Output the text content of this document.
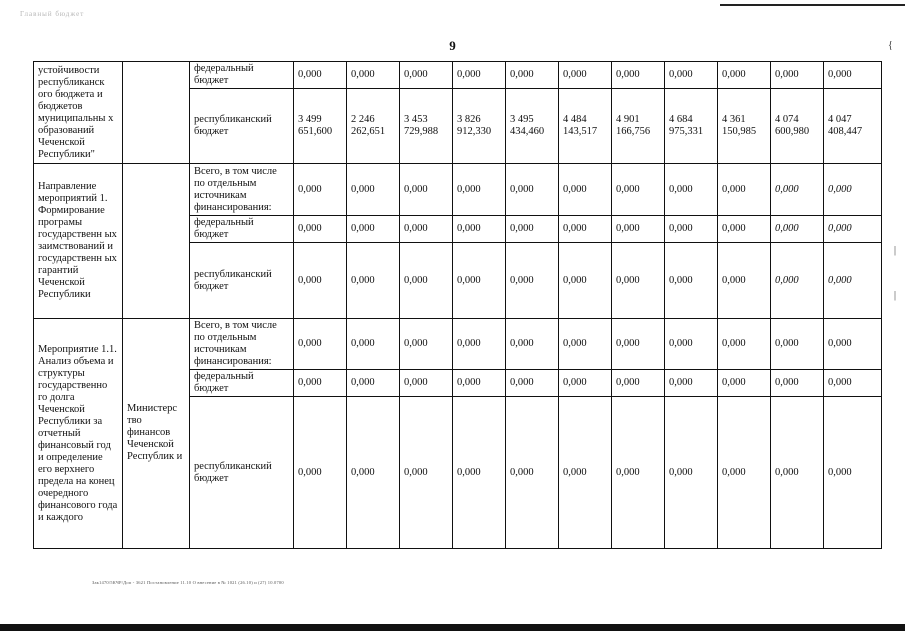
Главный бюджет
9	{
|
|
устойчивости республиканск ого бюджета и бюджетов муниципальны х образований Чеченской Республики"		федеральный бюджет	0,000	0,000	0,000	0,000	0,000	0,000	0,000	0,000	0,000	0,000	0,000
		республиканский бюджет	3 499 651,600	2 246 262,651	3 453 729,988	3 826 912,330	3 495 434,460	4 484 143,517	4 901 166,756	4 684 975,331	4 361 150,985	4 074 600,980	4 047 408,447
Направление мероприятий 1. Формирование програмы государственн ых заимствований и государственн ых гарантий Чеченской Республики		Всего, в том числе по отдельным источникам финансирования:	0,000	0,000	0,000	0,000	0,000	0,000	0,000	0,000	0,000	0,000	0,000
		федеральный бюджет	0,000	0,000	0,000	0,000	0,000	0,000	0,000	0,000	0,000	0,000	0,000
		республиканский бюджет	0,000	0,000	0,000	0,000	0,000	0,000	0,000	0,000	0,000	0,000	0,000
Мероприятие 1.1. Анализ объема и структуры государственно го долга Чеченской Республики за отчетный финансовый год и определение его верхнего предела на конец очередного финансового года и каждого	Министерс тво финансов Чеченской Республик и	Всего, в том числе по отдельным источникам финансирования:	0,000	0,000	0,000	0,000	0,000	0,000	0,000	0,000	0,000	0,000	0,000
		федеральный бюджет	0,000	0,000	0,000	0,000	0,000	0,000	0,000	0,000	0,000	0,000	0,000
		республиканский бюджет	0,000	0,000	0,000	0,000	0,000	0,000	0,000	0,000	0,000	0,000	0,000
Зак1470/5КЧР/Доп - 3621 Постановление 11.10 О внесение в № 1021 (26.10) и (27) 10.0700
